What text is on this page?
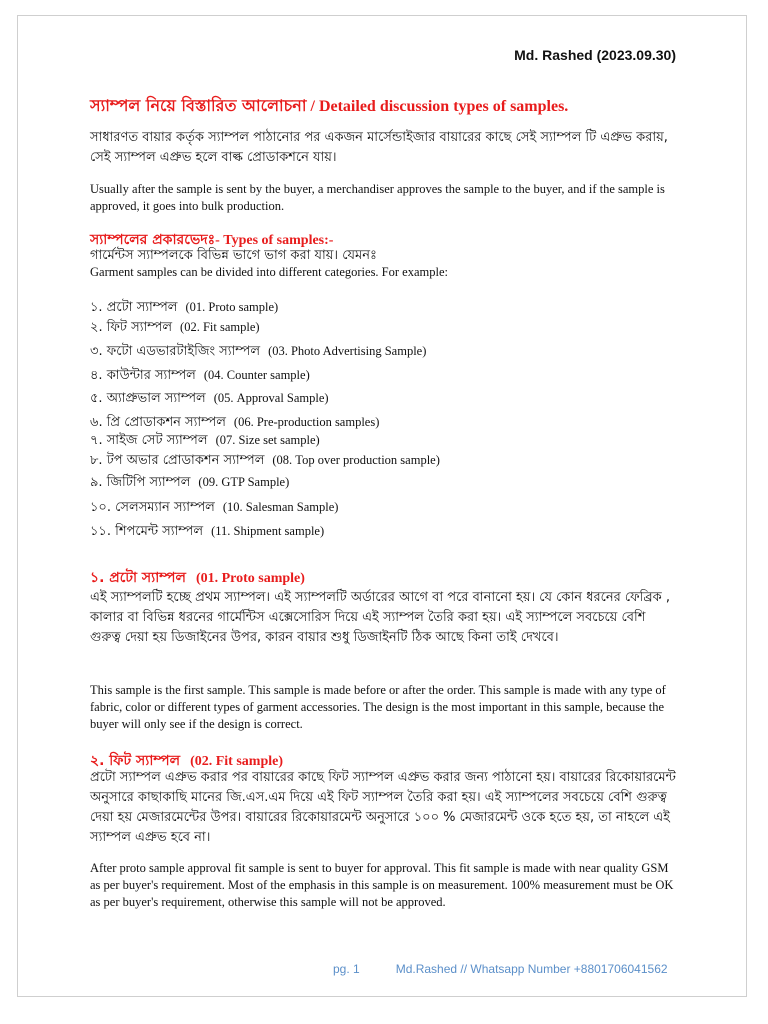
Md. Rashed (2023.09.30)
স্যাম্পল নিয়ে বিস্তারিত আলোচনা / Detailed discussion types of samples.
সাধারণত বায়ার কর্তৃক স্যাম্পল পাঠানোর পর একজন মার্সেন্ডাইজার বায়ারের কাছে সেই স্যাম্পল টি এপ্রুভ করায়, সেই স্যাম্পল এপ্রুভ হলে বাল্ক প্রোডাকশনে যায়।
Usually after the sample is sent by the buyer, a merchandiser approves the sample to the buyer, and if the sample is approved, it goes into bulk production.
স্যাম্পলের প্রকারভেদঃ- Types of samples:-
গার্মেন্টস স্যাম্পলকে বিভিন্ন ভাগে ভাগ করা যায়। যেমনঃ
Garment samples can be divided into different categories. For example:
১. প্রটো স্যাম্পল (01. Proto sample)
২. ফিট স্যাম্পল (02. Fit sample)
৩. ফটো এডভারটাইজিং স্যাম্পল (03. Photo Advertising Sample)
৪. কাউন্টার স্যাম্পল (04. Counter sample)
৫. অ্যাপ্রুভাল স্যাম্পল (05. Approval Sample)
৬. প্রি প্রোডাকশন স্যাম্পল (06. Pre-production samples)
৭. সাইজ সেট স্যাম্পল (07. Size set sample)
৮. টপ অভার প্রোডাকশন স্যাম্পল (08. Top over production sample)
৯. জিটিপি স্যাম্পল (09. GTP Sample)
১০. সেলসম্যান স্যাম্পল (10. Salesman Sample)
১১. শিপমেন্ট স্যাম্পল (11. Shipment sample)
১. প্রটো স্যাম্পল (01. Proto sample)
এই স্যাম্পলটি হচ্ছে প্রথম স্যাম্পল। এই স্যাম্পলটি অর্ডারের আগে বা পরে বানানো হয়। যে কোন ধরনের ফেব্রিক , কালার বা বিভিন্ন ধরনের গার্মেন্টিস এক্সেসোরিস দিয়ে এই স্যাম্পল তৈরি করা হয়। এই স্যাম্পলে সবচেয়ে বেশি গুরুত্ব দেয়া হয় ডিজাইনের উপর, কারন বায়ার শুধু ডিজাইনটি ঠিক আছে কিনা তাই দেখবে।
This sample is the first sample. This sample is made before or after the order. This sample is made with any type of fabric, color or different types of garment accessories. The design is the most important in this sample, because the buyer will only see if the design is correct.
২. ফিট স্যাম্পল (02. Fit sample)
প্রটো স্যাম্পল এপ্রুভ করার পর বায়ারের কাছে ফিট স্যাম্পল এপ্রুভ করার জন্য পাঠানো হয়। বায়ারের রিকোয়ারমেন্ট অনুসারে কাছাকাছি মানের জি.এস.এম দিয়ে এই ফিট স্যাম্পল তৈরি করা হয়। এই স্যাম্পলের সবচেয়ে বেশি গুরুত্ব দেয়া হয় মেজারমেন্টের উপর। বায়ারের রিকোয়ারমেন্ট অনুসারে ১০০ % মেজারমেন্ট ওকে হতে হয়, তা নাহলে এই স্যাম্পল এপ্রুভ হবে না।
After proto sample approval fit sample is sent to buyer for approval. This fit sample is made with near quality GSM as per buyer's requirement. Most of the emphasis in this sample is on measurement. 100% measurement must be OK as per buyer's requirement, otherwise this sample will not be approved.
pg. 1	Md.Rashed // Whatsapp Number +8801706041562
